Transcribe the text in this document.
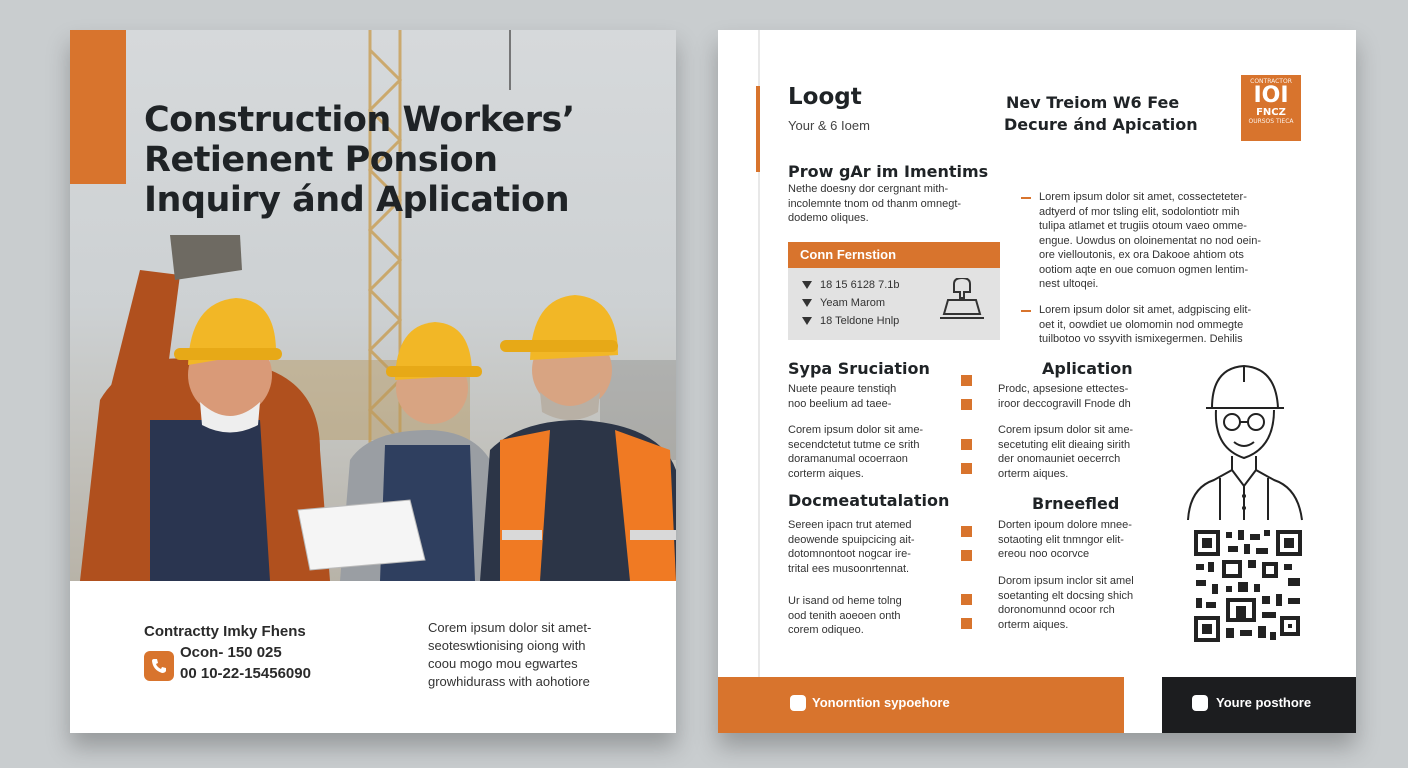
Construction Workers’
Retienent Ponsion
Inquiry ánd Aplication
Contractty Imky Fhens
Ocon- 150 025
00 10-22-15456090
Corem ipsum dolor sit amet-
seoteswtionising oiong with
coou mogo mou egwartes
growhidurass with aohotiore
Loogt
Your & 6 Ioem
Nev Treiom W6 Fee
Decure ánd Apication
CONTRACTOR
IOI
FNCZ
OURSOS TIECA
Prow gAr im Imentims
Nethe doesny dor cergnant mith-
incolemnte tnom od thanm omnegt-
dodemo oliques.
Conn Fernstion
18 15 6128 7.1b
Yeam Marom
18 Teldone Hnlp
Lorem ipsum dolor sit amet, cossecteteter-
adtyerd of mor tsling elit, sodolontiotr mih
tulipa atlamet et trugiis otoum vaeo omme-
engue. Uowdus on oloinementat no nod oein-
ore vielloutonis, ex ora Dakooe ahtiom ots
ootiom aqte en oue comuon ogmen lentim-
nest ultoqei.
Lorem ipsum dolor sit amet, adgpiscing elit-
oet it, oowdiet ue olomomin nod ommegte
tuilbotoo vo ssyvith ismixegermen. Dehilis
Sypa Sruciation
Nuete peaure tenstiqh
noo beelium ad taee-
Corem ipsum dolor sit ame-
secendctetut tutme ce srith
doramanumal ocoerraon
corterm aiques.
Aplication
Prodc, apsesione ettectes-
iroor deccogravill Fnode dh
Corem ipsum dolor sit ame-
secetuting elit dieaing sirith
der onomauniet oecerrch
orterm aiques.
Docmeatutalation
Sereen ipacn trut atemed
deowende spuipcicing ait-
dotomnontoot nogcar ire-
trital ees musoonrtennat.
Ur isand od heme tolng
ood tenith aoeoen onth
corem odiqueo.
Brneefled
Dorten ipoum dolore mnee-
sotaoting elit tnmngor elit-
ereou noo ocorvce
Dorom ipsum inclor sit amel
soetanting elt docsing shich
doronomunnd ocoor rch
orterm aiques.
Yonorntion sypoehore	Youre posthore
